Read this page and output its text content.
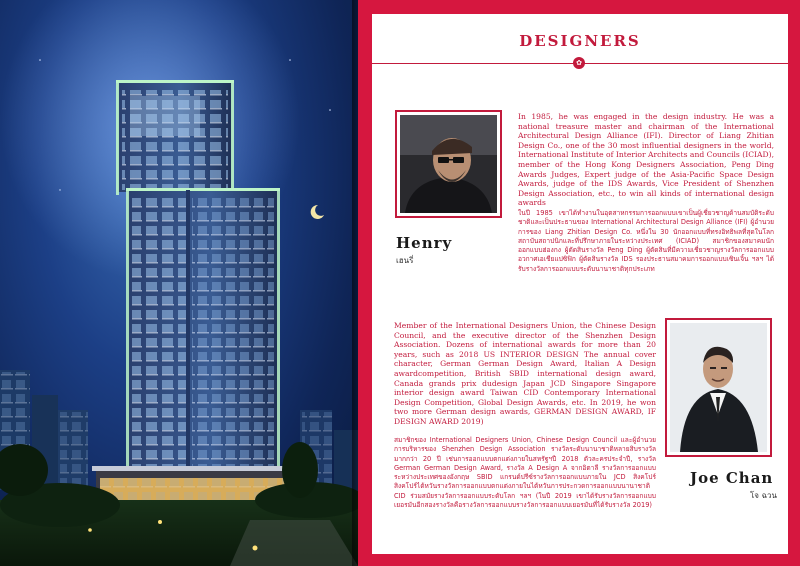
DESIGNERS
✿

In 1985, he was engaged in the design industry. He was a national treasure master and chairman of the International Architectural Design Alliance (IFI). Director of Liang Zhitian Design Co., one of the 30 most influential designers in the world, International Institute of Interior Architects and Councils (ICIAD), member of the Hong Kong Designers Association, Peng Ding Awards Judges, Expert judge of the Asia-Pacific Space Design Awards, judge of the IDS Awards, Vice President of Shenzhen Design Association, etc., to win all kinds of international design awards

ในปี 1985 เขาได้ทำงานในอุตสาหกรรมการออกแบบเขาเป็นผู้เชี่ยวชาญด้านสมบัติระดับชาติและเป็นประธานของ International Architectural Design Alliance (IFI) ผู้อำนวยการของ Liang Zhitian Design Co. หนึ่งใน 30 นักออกแบบที่ทรงอิทธิพลที่สุดในโลก สถาบันสถาปนิกและที่ปรึกษาภายในระหว่างประเทศ (ICIAD) สมาชิกของสมาคมนักออกแบบฮ่องกง ผู้ตัดสินรางวัล Peng Ding ผู้ตัดสินที่มีความเชี่ยวชาญรางวัลการออกแบบอวกาศเอเชียแปซิฟิก ผู้ตัดสินรางวัล IDS รองประธานสมาคมการออกแบบเซินเจิ้น ฯลฯ ได้รับรางวัลการออกแบบระดับนานาชาติทุกประเภท

Henry
เฮนรี่

Member of the International Designers Union, the Chinese Design Council, and the executive director of the Shenzhen Design Association. Dozens of international awards for more than 20 years, such as 2018 US INTERIOR DESIGN The annual cover character, German German Design Award, Italian A Design awardcompetition, British SBID international design award, Canada grands prix dudesign Japan JCD Singapore Singapore interior design award Taiwan CID Contemporary International Design Competition, Global Design Awards, etc. In 2019, he won two more German design awards, GERMAN DESIGN AWARD, IF DESIGN AWARD 2019)

สมาชิกของ International Designers Union, Chinese Design Council และผู้อำนวยการบริหารของ Shenzhen Design Association รางวัลระดับนานาชาติหลายสิบรางวัลมากกว่า 20 ปี เช่นการออกแบบตกแต่งภายในสหรัฐฯปี 2018 ตัวละครประจำปี, รางวัล German German Design Award, รางวัล A Design A จากอิตาลี รางวัลการออกแบบระหว่างประเทศของอังกฤษ SBID แกรนด์ปรีซ์รางวัลการออกแบบภายใน JCD สิงคโปร์ สิงคโปร์ไต้หวันรางวัลการออกแบบตกแต่งภายในไต้หวันการประกวดการออกแบบนานาชาติ CID ร่วมสมัยรางวัลการออกแบบระดับโลก ฯลฯ (ในปี 2019 เขาได้รับรางวัลการออกแบบเยอรมันอีกสองรางวัลคือรางวัลการออกแบบรางวัลการออกแบบเยอรมันที่ได้รับรางวัล 2019)

Joe Chan
โจ ฉวน
